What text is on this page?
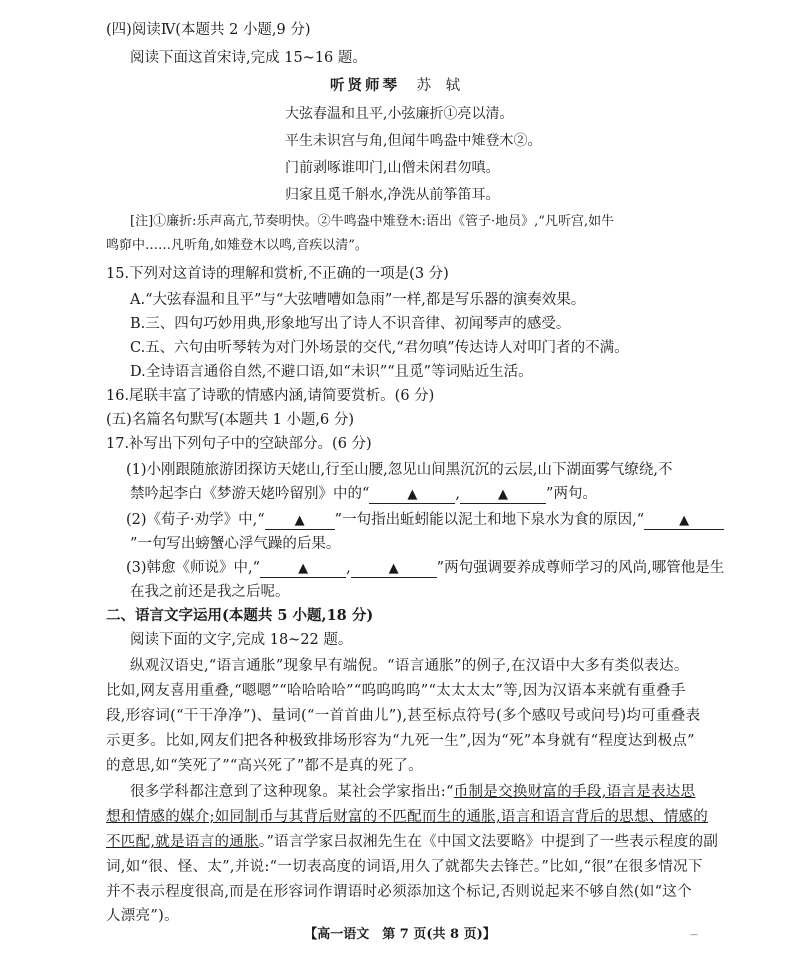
(四)阅读Ⅳ(本题共 2 小题,9 分)
阅读下面这首宋诗,完成 15~16 题。
听贤师琴 苏　轼
大弦春温和且平,小弦廉折①亮以清。
平生未识宫与角,但闻牛鸣盎中雉登木②。
门前剥啄谁叩门,山僧未闲君勿嗔。
归家且觅千斛水,净洗从前筝笛耳。
[注]①廉折:乐声高亢,节奏明快。②牛鸣盎中雉登木:语出《管子·地员》,“凡听宫,如牛
鸣窌中……凡听角,如雉登木以鸣,音疾以清”。
15.下列对这首诗的理解和赏析,不正确的一项是(3 分)
A.“大弦春温和且平”与“大弦嘈嘈如急雨”一样,都是写乐器的演奏效果。
B.三、四句巧妙用典,形象地写出了诗人不识音律、初闻琴声的感受。
C.五、六句由听琴转为对门外场景的交代,“君勿嗔”传达诗人对叩门者的不满。
D.全诗语言通俗自然,不避口语,如“未识”“且觅”等词贴近生活。
16.尾联丰富了诗歌的情感内涵,请简要赏析。(6 分)
(五)名篇名句默写(本题共 1 小题,6 分)
17.补写出下列句子中的空缺部分。(6 分)
(1)小刚跟随旅游团探访天姥山,行至山腰,忽见山间黑沉沉的云层,山下湖面雾气缭绕,不
禁吟起李白《梦游天姥吟留别》中的“	▲	,	▲	”两句。
(2)《荀子·劝学》中,“ ▲ ”一句指出蚯蚓能以泥土和地下泉水为食的原因,“	▲
”一句写出螃蟹心浮气躁的后果。
(3)韩愈《师说》中,“	▲	,	▲	”两句强调要养成尊师学习的风尚,哪管他是生
在我之前还是我之后呢。
二、语言文字运用(本题共 5 小题,18 分)
阅读下面的文字,完成 18~22 题。
纵观汉语史,“语言通胀”现象早有端倪。“语言通胀”的例子,在汉语中大多有类似表达。
比如,网友喜用重叠,“嗯嗯”“哈哈哈哈”“呜呜呜呜”“太太太太”等,因为汉语本来就有重叠手
段,形容词(“干干净净”)、量词(“一首首曲儿”),甚至标点符号(多个感叹号或问号)均可重叠表
示更多。比如,网友们把各种极致排场形容为“九死一生”,因为“死”本身就有“程度达到极点”
的意思,如“笑死了”“高兴死了”都不是真的死了。
很多学科都注意到了这种现象。某社会学家指出:“币制是交换财富的手段,语言是表达思
想和情感的媒介;如同制币与其背后财富的不匹配而生的通胀,语言和语言背后的思想、情感的
不匹配,就是语言的通胀。”语言学家吕叔湘先生在《中国文法要略》中提到了一些表示程度的副
词,如“很、怪、太”,并说:“一切表高度的词语,用久了就都失去锋芒。”比如,“很”在很多情况下
并不表示程度很高,而是在形容词作谓语时必须添加这个标记,否则说起来不够自然(如“这个
人漂亮”)。
【高一语文　第 7 页(共 8 页)】	—
